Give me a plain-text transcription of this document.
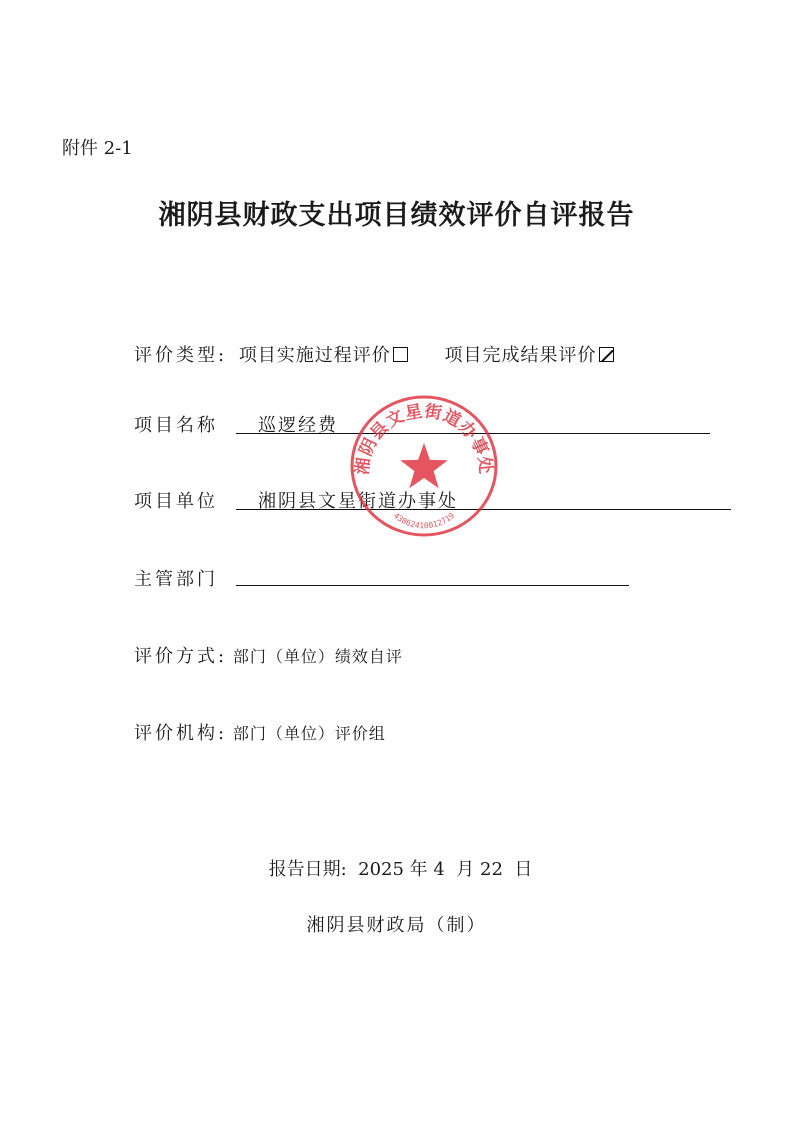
附件 2-1
湘阴县财政支出项目绩效评价自评报告
评价类型: 项目实施过程评价	项目完成结果评价
项目名称 巡逻经费
项目单位 湘阴县文星街道办事处
主管部门
评价方式: 部门（单位）绩效自评
评价机构: 部门（单位）评价组
报告日期:  2025 年 4  月 22  日
湘阴县财政局（制）
湘阴县文星街道办事处
43062410012719
